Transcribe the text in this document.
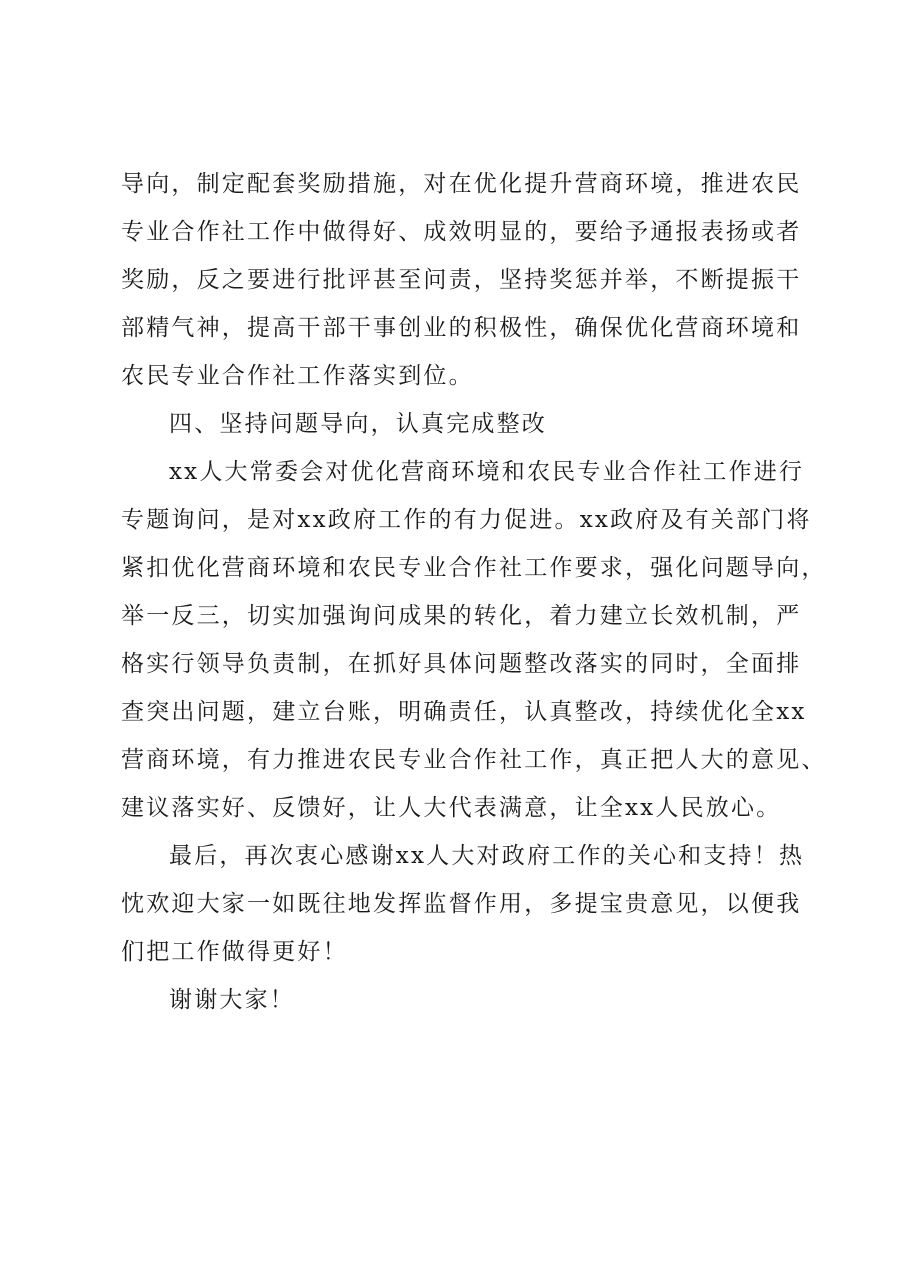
导向，制定配套奖励措施，对在优化提升营商环境，推进农民
专业合作社工作中做得好、成效明显的，要给予通报表扬或者
奖励，反之要进行批评甚至问责，坚持奖惩并举，不断提振干
部精气神，提高干部干事创业的积极性，确保优化营商环境和
农民专业合作社工作落实到位。
四、坚持问题导向，认真完成整改
xx人大常委会对优化营商环境和农民专业合作社工作进行
专题询问，是对xx政府工作的有力促进。xx政府及有关部门将
紧扣优化营商环境和农民专业合作社工作要求，强化问题导向，
举一反三，切实加强询问成果的转化，着力建立长效机制，严
格实行领导负责制，在抓好具体问题整改落实的同时，全面排
查突出问题，建立台账，明确责任，认真整改，持续优化全xx
营商环境，有力推进农民专业合作社工作，真正把人大的意见、
建议落实好、反馈好，让人大代表满意，让全xx人民放心。
最后，再次衷心感谢xx人大对政府工作的关心和支持！热
忱欢迎大家一如既往地发挥监督作用，多提宝贵意见，以便我
们把工作做得更好！
谢谢大家！
